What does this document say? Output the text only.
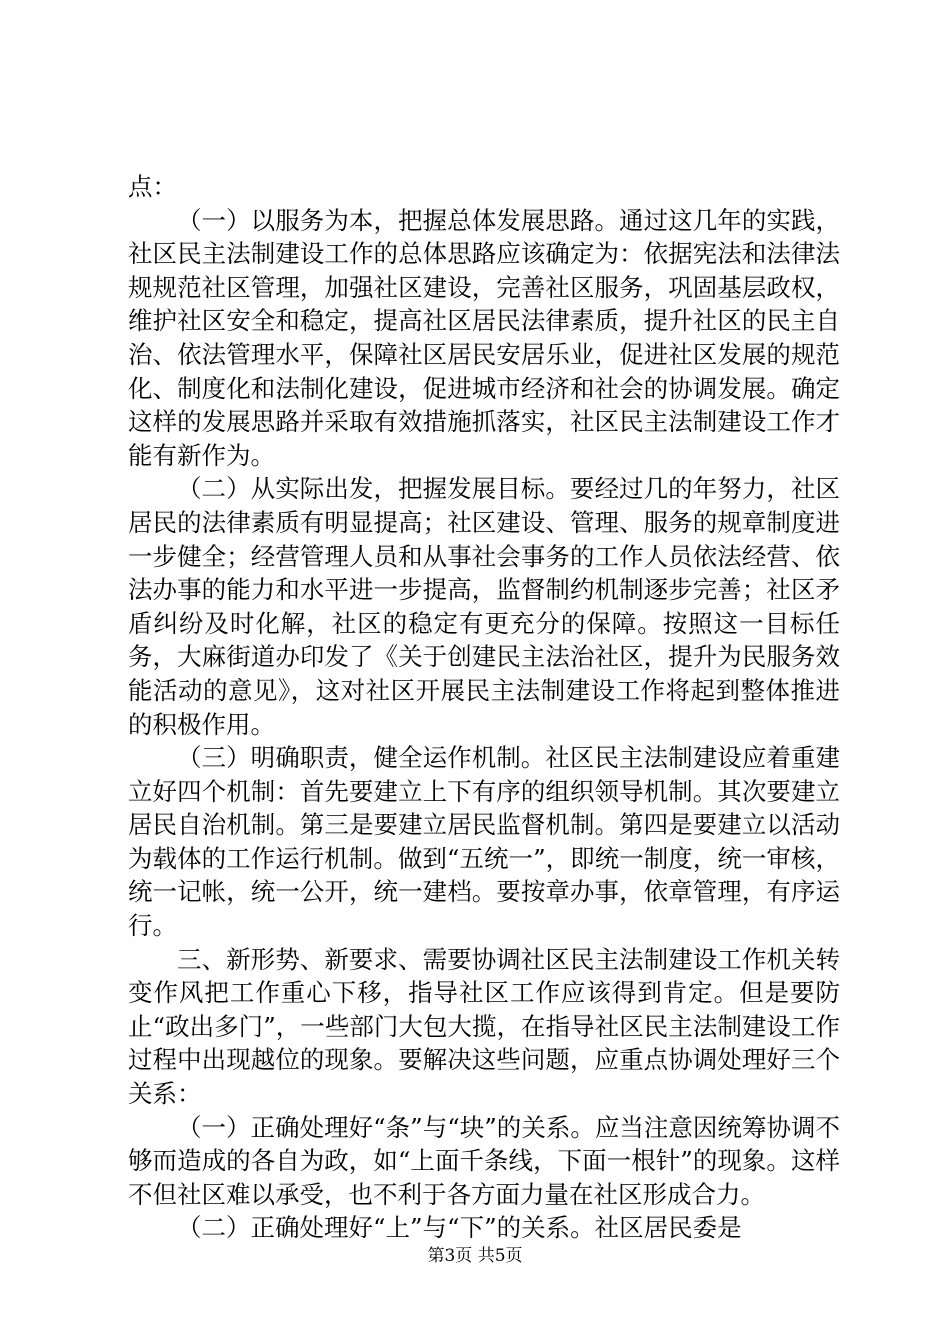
点：

（一）以服务为本，把握总体发展思路。通过这几年的实践，社区民主法制建设工作的总体思路应该确定为：依据宪法和法律法规规范社区管理，加强社区建设，完善社区服务，巩固基层政权，维护社区安全和稳定，提高社区居民法律素质，提升社区的民主自治、依法管理水平，保障社区居民安居乐业，促进社区发展的规范化、制度化和法制化建设，促进城市经济和社会的协调发展。确定这样的发展思路并采取有效措施抓落实，社区民主法制建设工作才能有新作为。

（二）从实际出发，把握发展目标。要经过几的年努力，社区居民的法律素质有明显提高；社区建设、管理、服务的规章制度进一步健全；经营管理人员和从事社会事务的工作人员依法经营、依法办事的能力和水平进一步提高，监督制约机制逐步完善；社区矛盾纠纷及时化解，社区的稳定有更充分的保障。按照这一目标任务，大麻街道办印发了《关于创建民主法治社区，提升为民服务效能活动的意见》，这对社区开展民主法制建设工作将起到整体推进的积极作用。

（三）明确职责，健全运作机制。社区民主法制建设应着重建立好四个机制：首先要建立上下有序的组织领导机制。其次要建立居民自治机制。第三是要建立居民监督机制。第四是要建立以活动为载体的工作运行机制。做到“五统一”，即统一制度，统一审核，统一记帐，统一公开，统一建档。要按章办事，依章管理，有序运行。

三、新形势、新要求、需要协调社区民主法制建设工作机关转变作风把工作重心下移，指导社区工作应该得到肯定。但是要防止“政出多门”，一些部门大包大揽，在指导社区民主法制建设工作过程中出现越位的现象。要解决这些问题，应重点协调处理好三个关系：

（一）正确处理好“条”与“块”的关系。应当注意因统筹协调不够而造成的各自为政，如“上面千条线，下面一根针”的现象。这样不但社区难以承受，也不利于各方面力量在社区形成合力。

（二）正确处理好“上”与“下”的关系。社区居民委是

第3页 共5页
